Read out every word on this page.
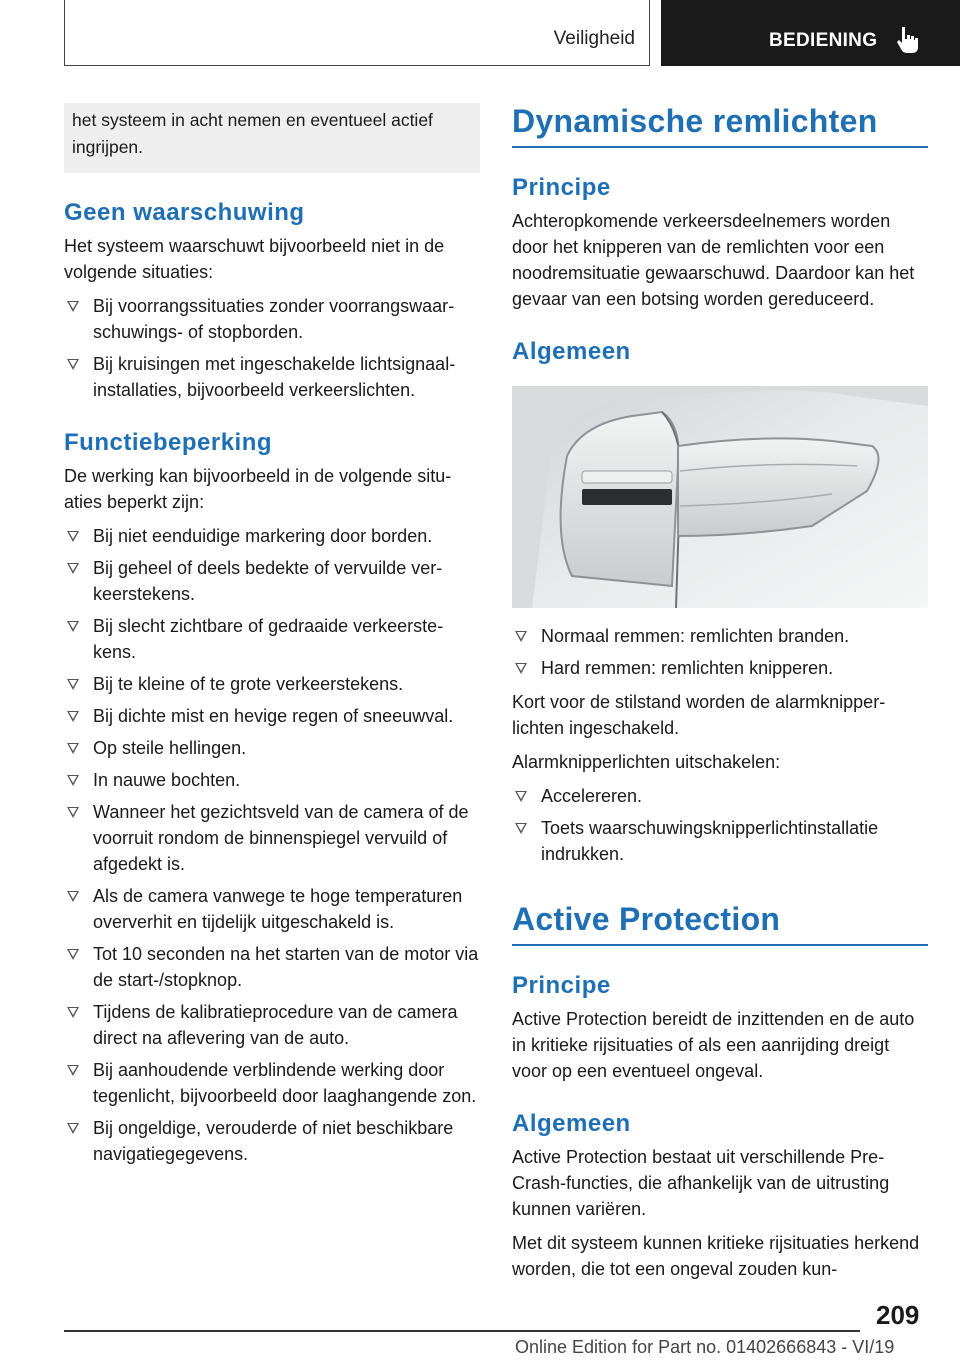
Veiligheid	BEDIENING
het systeem in acht nemen en eventueel actief ingrijpen.
Geen waarschuwing

Het systeem waarschuwt bijvoorbeeld niet in de volgende situaties:

Bij voorrangssituaties zonder voorrangswaarschuwings- of stopborden.
Bij kruisingen met ingeschakelde lichtsignaalinstallaties, bijvoorbeeld verkeerslichten.
Functiebeperking

De werking kan bijvoorbeeld in de volgende situaties beperkt zijn:

Bij niet eenduidige markering door borden.
Bij geheel of deels bedekte of vervuilde verkeerstekens.
Bij slecht zichtbare of gedraaide verkeerstekens.
Bij te kleine of te grote verkeerstekens.
Bij dichte mist en hevige regen of sneeuwval.
Op steile hellingen.
In nauwe bochten.
Wanneer het gezichtsveld van de camera of de voorruit rondom de binnenspiegel vervuild of afgedekt is.
Als de camera vanwege te hoge temperaturen oververhit en tijdelijk uitgeschakeld is.
Tot 10 seconden na het starten van de motor via de start-/stopknop.
Tijdens de kalibratieprocedure van de camera direct na aflevering van de auto.
Bij aanhoudende verblindende werking door tegenlicht, bijvoorbeeld door laaghangende zon.
Bij ongeldige, verouderde of niet beschikbare navigatiegegevens.
Dynamische remlichten
Principe

Achteropkomende verkeersdeelnemers worden door het knipperen van de remlichten voor een noodremsituatie gewaarschuwd. Daardoor kan het gevaar van een botsing worden gereduceerd.

Algemeen
Normaal remmen: remlichten branden.
Hard remmen: remlichten knipperen.

Kort voor de stilstand worden de alarmknipperlichten ingeschakeld.

Alarmknipperlichten uitschakelen:

Accelereren.
Toets waarschuwingsknipperlichtinstallatie indrukken.
Active Protection
Principe

Active Protection bereidt de inzittenden en de auto in kritieke rijsituaties of als een aanrijding dreigt voor op een eventueel ongeval.

Algemeen

Active Protection bestaat uit verschillende Pre-Crash-functies, die afhankelijk van de uitrusting kunnen variëren.

Met dit systeem kunnen kritieke rijsituaties herkend worden, die tot een ongeval zouden kun-

209
Online Edition for Part no. 01402666843 - VI/19
